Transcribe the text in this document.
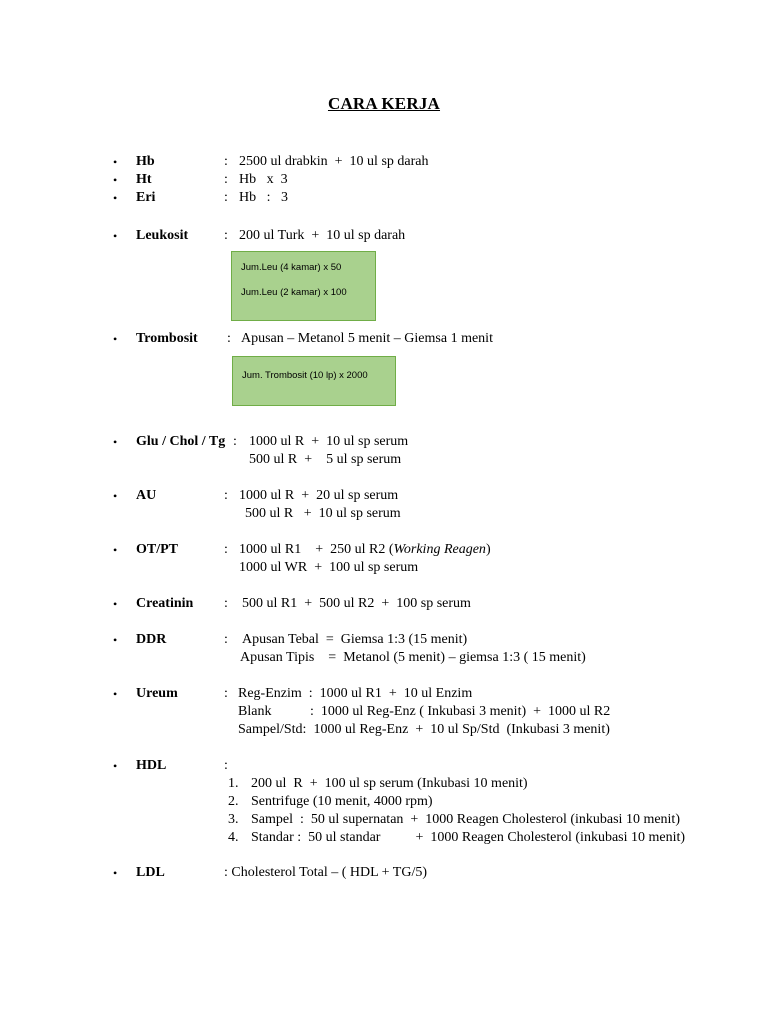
CARA KERJA
• Hb	: 2500 ul drabkin  +  10 ul sp darah
• Ht	: Hb   x  3
• Eri	: Hb   :   3
• Leukosit	: 200 ul Turk  +  10 ul sp darah
Jum.Leu (4 kamar) x 50
Jum.Leu (2 kamar) x 100
• Trombosit : Apusan – Metanol 5 menit – Giemsa 1 menit
Jum. Trombosit (10 lp) x 2000
• Glu / Chol / Tg : 1000 ul R  +  10 ul sp serum
500 ul R  +    5 ul sp serum
• AU	: 1000 ul R  +  20 ul sp serum
500 ul R   +  10 ul sp serum
• OT/PT	: 1000 ul R1    +  250 ul R2 (Working Reagen)
1000 ul WR  +  100 ul sp serum
• Creatinin : 500 ul R1  +  500 ul R2  +  100 sp serum
• DDR	: Apusan Tebal  =  Giemsa 1:3 (15 menit)
Apusan Tipis    =  Metanol (5 menit) – giemsa 1:3 ( 15 menit)
• Ureum	: Reg-Enzim  :  1000 ul R1  +  10 ul Enzim
Blank           :  1000 ul Reg-Enz ( Inkubasi 3 menit)  +  1000 ul R2
Sampel/Std:  1000 ul Reg-Enz  +  10 ul Sp/Std  (Inkubasi 3 menit)
• HDL	:
1. 200 ul  R  +  100 ul sp serum (Inkubasi 10 menit)
2. Sentrifuge (10 menit, 4000 rpm)
3. Sampel  :  50 ul supernatan  +  1000 Reagen Cholesterol (inkubasi 10 menit)
4. Standar :  50 ul standar          +  1000 Reagen Cholesterol (inkubasi 10 menit)
• LDL	: Cholesterol Total – ( HDL + TG/5)
